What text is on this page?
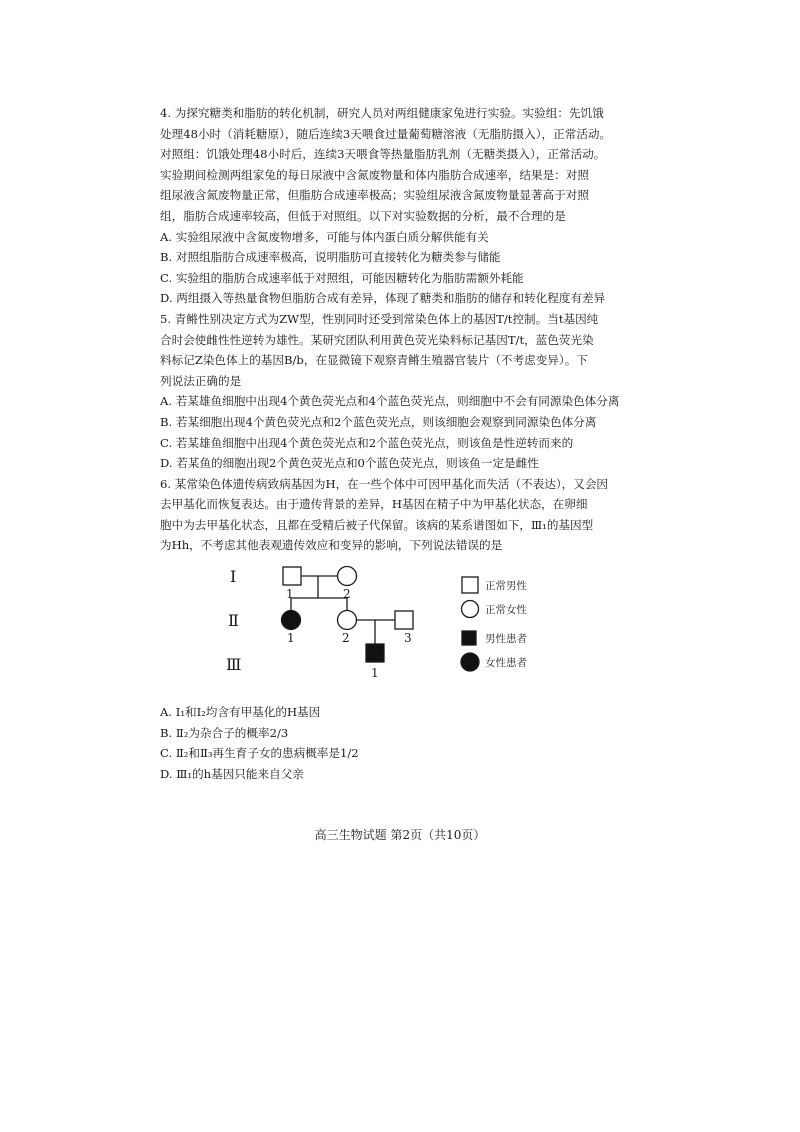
4. 为探究糖类和脂肪的转化机制，研究人员对两组健康家兔进行实验。实验组：先饥饿

处理48小时（消耗糖原），随后连续3天喂食过量葡萄糖溶液（无脂肪摄入），正常活动。

对照组：饥饿处理48小时后，连续3天喂食等热量脂肪乳剂（无糖类摄入），正常活动。

实验期间检测两组家兔的每日尿液中含氮废物量和体内脂肪合成速率，结果是：对照

组尿液含氮废物量正常，但脂肪合成速率极高；实验组尿液含氮废物量显著高于对照

组，脂肪合成速率较高，但低于对照组。以下对实验数据的分析，最不合理的是

A. 实验组尿液中含氮废物增多，可能与体内蛋白质分解供能有关

B. 对照组脂肪合成速率极高，说明脂肪可直接转化为糖类参与储能

C. 实验组的脂肪合成速率低于对照组，可能因糖转化为脂肪需额外耗能

D. 两组摄入等热量食物但脂肪合成有差异，体现了糖类和脂肪的储存和转化程度有差异

5. 青鳉性别决定方式为ZW型，性别同时还受到常染色体上的基因T/t控制。当t基因纯

合时会使雌性性逆转为雄性。某研究团队利用黄色荧光染料标记基因T/t，蓝色荧光染

料标记Z染色体上的基因B/b，在显微镜下观察青鳉生殖器官装片（不考虑变异）。下

列说法正确的是

A. 若某雄鱼细胞中出现4个黄色荧光点和4个蓝色荧光点，则细胞中不会有同源染色体分离

B. 若某细胞出现4个黄色荧光点和2个蓝色荧光点，则该细胞会观察到同源染色体分离

C. 若某雄鱼细胞中出现4个黄色荧光点和2个蓝色荧光点，则该鱼是性逆转而来的

D. 若某鱼的细胞出现2个黄色荧光点和0个蓝色荧光点，则该鱼一定是雌性

6. 某常染色体遗传病致病基因为H，在一些个体中可因甲基化而失活（不表达），又会因

去甲基化而恢复表达。由于遗传背景的差异，H基因在精子中为甲基化状态，在卵细

胞中为去甲基化状态，且都在受精后被子代保留。该病的某系谱图如下，Ⅲ₁的基因型

为Hh，不考虑其他表观遗传效应和变异的影响，下列说法错误的是

Ⅰ
Ⅱ
Ⅲ
1	2
1	2	3
1
正常男性
正常女性
男性患者
女性患者

A. I₁和I₂均含有甲基化的H基因

B. Ⅱ₂为杂合子的概率2/3

C. Ⅱ₂和Ⅱ₃再生育子女的患病概率是1/2

D. Ⅲ₁的h基因只能来自父亲

高三生物试题 第2页（共10页）
